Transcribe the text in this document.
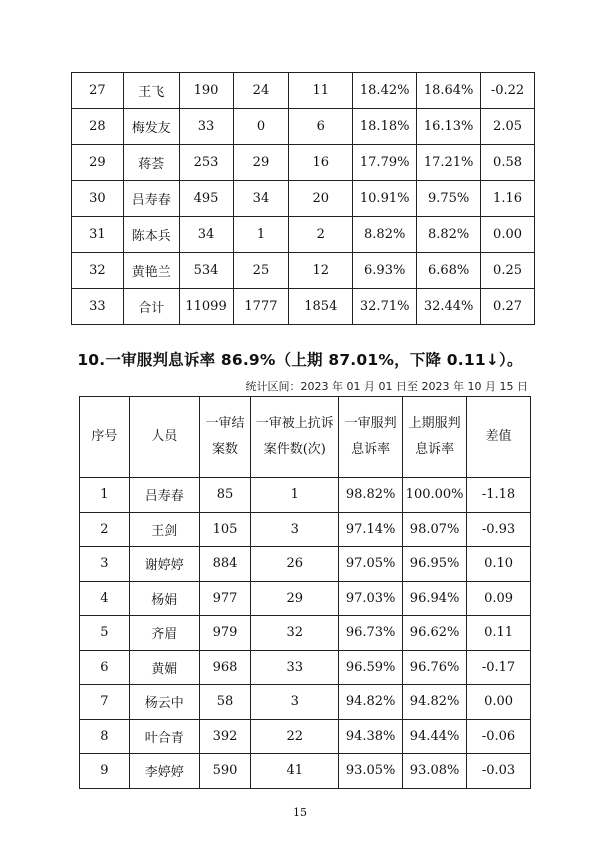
27	王飞	190	24	11	18.42%	18.64%	-0.22
28	梅发友	33	0	6	18.18%	16.13%	2.05
29	蒋荟	253	29	16	17.79%	17.21%	0.58
30	吕寿春	495	34	20	10.91%	9.75%	1.16
31	陈本兵	34	1	2	8.82%	8.82%	0.00
32	黄艳兰	534	25	12	6.93%	6.68%	0.25
33	合计	11099	1777	1854	32.71%	32.44%	0.27
10.一审服判息诉率 86.9%（上期 87.01%，下降 0.11↓）。
统计区间：2023 年 01 月 01 日至 2023 年 10 月 15 日
序号	人员	一审结案数	一审被上抗诉案件数(次)	一审服判息诉率	上期服判息诉率	差值
1	吕寿春	85	1	98.82%	100.00%	-1.18
2	王剑	105	3	97.14%	98.07%	-0.93
3	谢婷婷	884	26	97.05%	96.95%	0.10
4	杨娟	977	29	97.03%	96.94%	0.09
5	齐眉	979	32	96.73%	96.62%	0.11
6	黄媚	968	33	96.59%	96.76%	-0.17
7	杨云中	58	3	94.82%	94.82%	0.00
8	叶合青	392	22	94.38%	94.44%	-0.06
9	李婷婷	590	41	93.05%	93.08%	-0.03
15
